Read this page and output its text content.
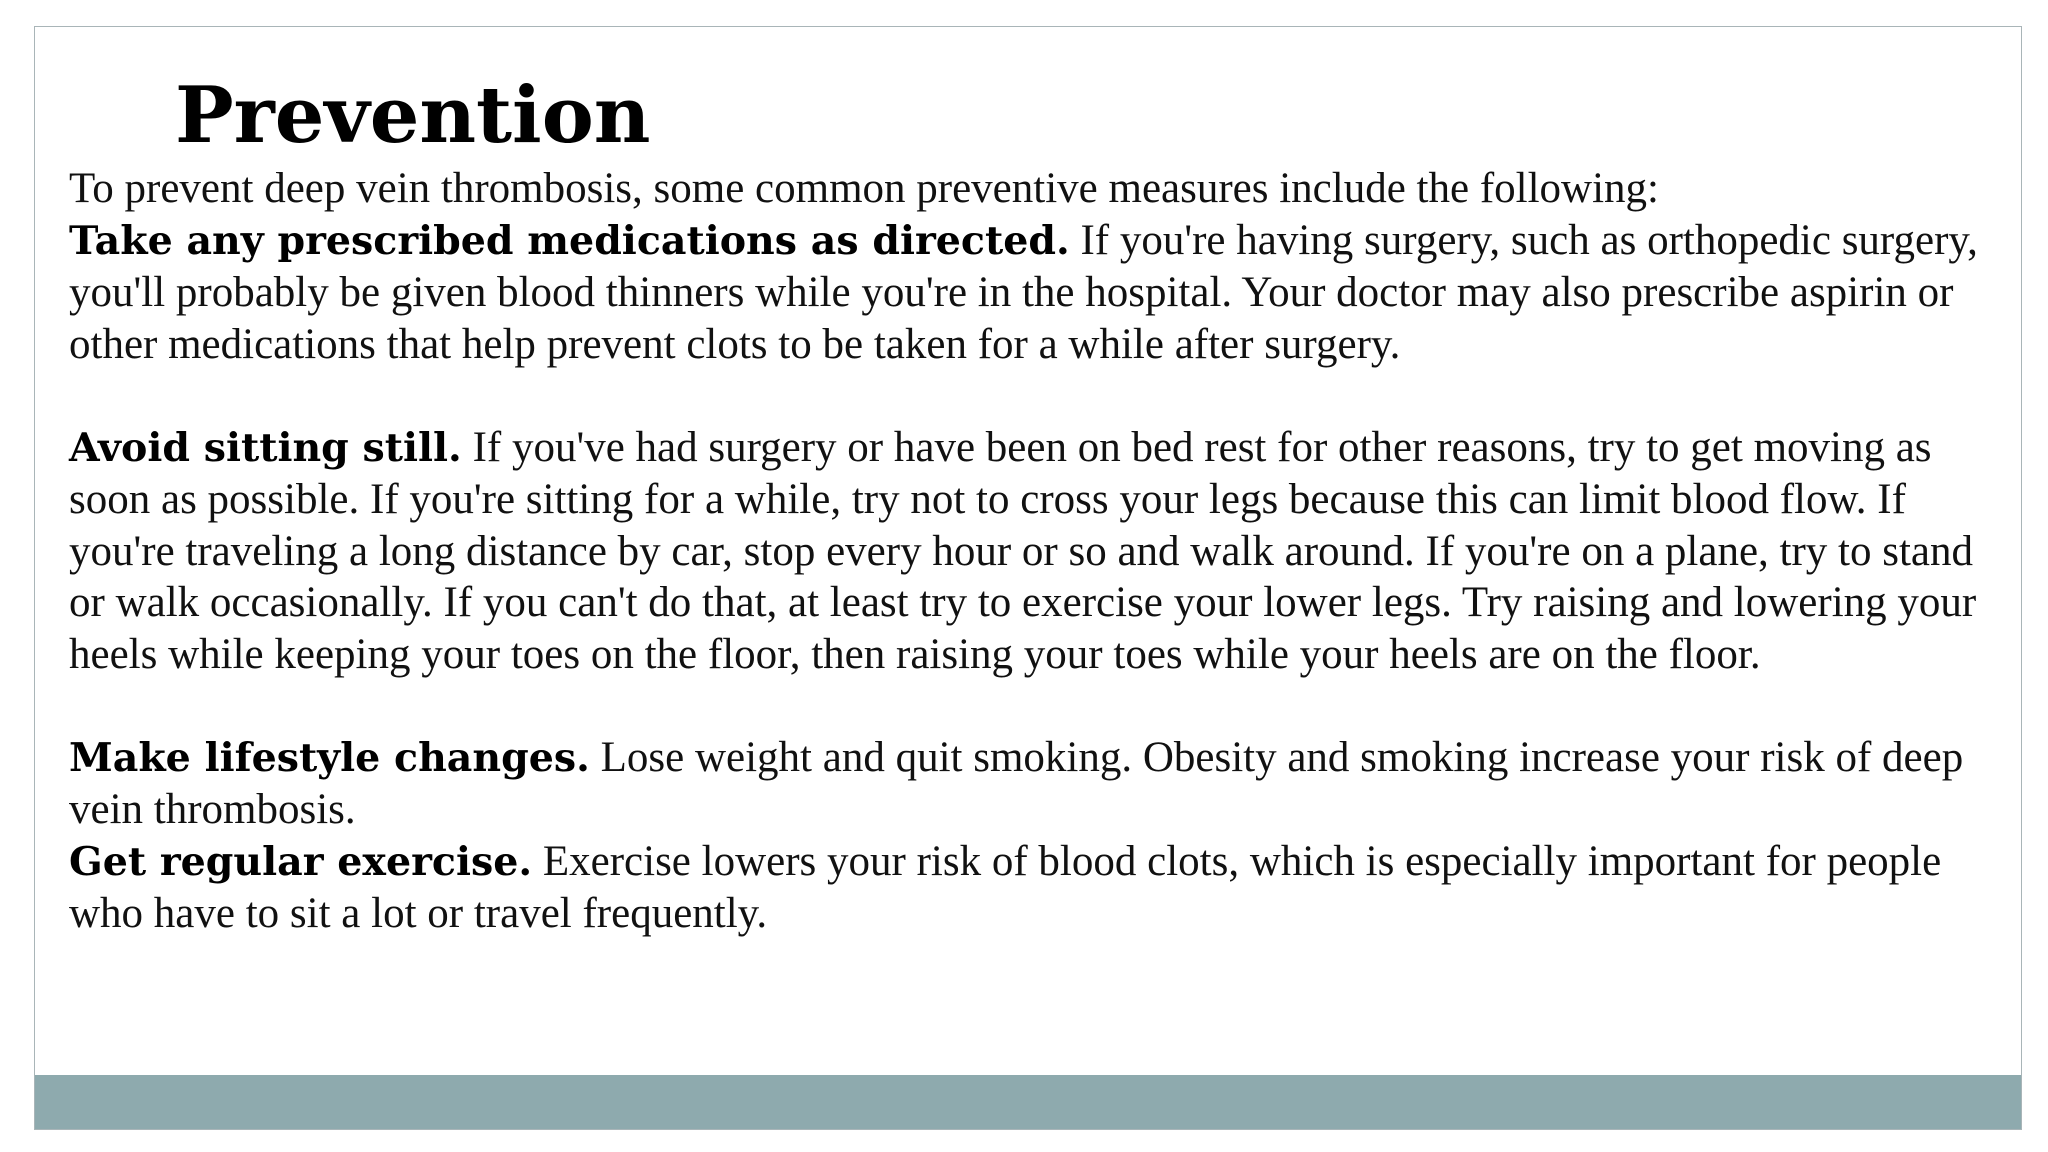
Prevention

To prevent deep vein thrombosis, some common preventive measures include the following:

Take any prescribed medications as directed. If you're having surgery, such as orthopedic surgery, you'll probably be given blood thinners while you're in the hospital. Your doctor may also prescribe aspirin or other medications that help prevent clots to be taken for a while after surgery.

Avoid sitting still. If you've had surgery or have been on bed rest for other reasons, try to get moving as soon as possible. If you're sitting for a while, try not to cross your legs because this can limit blood flow. If you're traveling a long distance by car, stop every hour or so and walk around. If you're on a plane, try to stand or walk occasionally. If you can't do that, at least try to exercise your lower legs. Try raising and lowering your heels while keeping your toes on the floor, then raising your toes while your heels are on the floor.

Make lifestyle changes. Lose weight and quit smoking. Obesity and smoking increase your risk of deep vein thrombosis.

Get regular exercise. Exercise lowers your risk of blood clots, which is especially important for people who have to sit a lot or travel frequently.
